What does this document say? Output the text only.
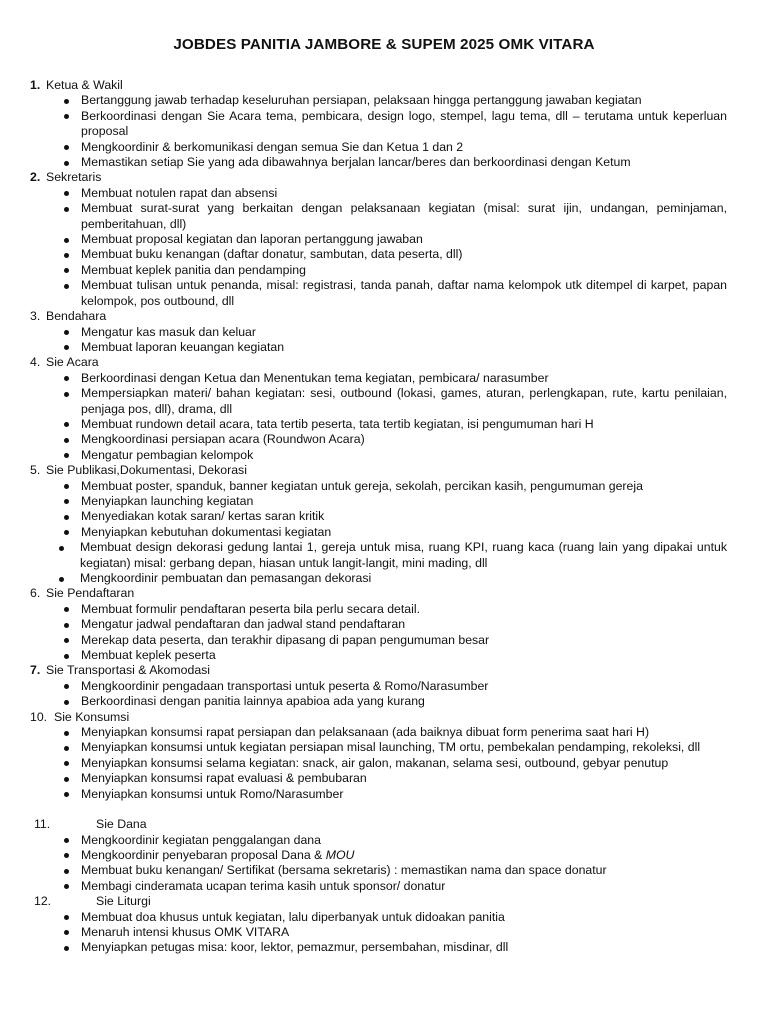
JOBDES PANITIA JAMBORE & SUPEM 2025 OMK VITARA
1. Ketua & Wakil
Bertanggung jawab terhadap keseluruhan persiapan, pelaksaan hingga pertanggung jawaban kegiatan
Berkoordinasi dengan Sie Acara tema, pembicara, design logo, stempel, lagu tema, dll – terutama untuk keperluan proposal
Mengkoordinir & berkomunikasi dengan semua Sie dan Ketua 1 dan 2
Memastikan setiap Sie yang ada dibawahnya berjalan lancar/beres dan berkoordinasi dengan Ketum
2. Sekretaris
Membuat notulen rapat dan absensi
Membuat surat-surat yang berkaitan dengan pelaksanaan kegiatan (misal: surat ijin, undangan, peminjaman, pemberitahuan, dll)
Membuat proposal kegiatan dan laporan pertanggung jawaban
Membuat buku kenangan (daftar donatur, sambutan, data peserta, dll)
Membuat keplek panitia dan pendamping
Membuat tulisan untuk penanda, misal: registrasi, tanda panah, daftar nama kelompok utk ditempel di karpet, papan kelompok, pos outbound, dll
3. Bendahara
Mengatur kas masuk dan keluar
Membuat laporan keuangan kegiatan
4. Sie Acara
Berkoordinasi dengan Ketua dan Menentukan tema kegiatan, pembicara/ narasumber
Mempersiapkan materi/ bahan kegiatan: sesi, outbound (lokasi, games, aturan, perlengkapan, rute, kartu penilaian, penjaga pos, dll), drama, dll
Membuat rundown detail acara, tata tertib peserta, tata tertib kegiatan, isi pengumuman hari H
Mengkoordinasi persiapan acara (Roundwon Acara)
Mengatur pembagian kelompok
5. Sie Publikasi,Dokumentasi, Dekorasi
Membuat poster, spanduk, banner kegiatan untuk gereja, sekolah, percikan kasih, pengumuman gereja
Menyiapkan launching kegiatan
Menyediakan kotak saran/ kertas saran kritik
Menyiapkan kebutuhan dokumentasi kegiatan
Membuat design dekorasi gedung lantai 1, gereja untuk misa, ruang KPI, ruang kaca (ruang lain yang dipakai untuk kegiatan) misal: gerbang depan, hiasan untuk langit-langit, mini mading, dll
Mengkoordinir pembuatan dan pemasangan dekorasi
6. Sie Pendaftaran
Membuat formulir pendaftaran peserta bila perlu secara detail.
Mengatur jadwal pendaftaran dan jadwal stand pendaftaran
Merekap data peserta, dan terakhir dipasang di papan pengumuman besar
Membuat keplek peserta
7. Sie Transportasi & Akomodasi
Mengkoordinir pengadaan transportasi untuk peserta & Romo/Narasumber
Berkoordinasi dengan panitia lainnya apabioa ada yang kurang
10. Sie Konsumsi
Menyiapkan konsumsi rapat persiapan dan pelaksanaan (ada baiknya dibuat form penerima saat hari H)
Menyiapkan konsumsi untuk kegiatan persiapan misal launching, TM ortu, pembekalan pendamping, rekoleksi, dll
Menyiapkan konsumsi selama kegiatan: snack, air galon, makanan, selama sesi, outbound, gebyar penutup
Menyiapkan konsumsi rapat evaluasi & pembubaran
Menyiapkan konsumsi untuk Romo/Narasumber
11.	Sie Dana
Mengkoordinir kegiatan penggalangan dana
Mengkoordinir penyebaran proposal Dana & MOU
Membuat buku kenangan/ Sertifikat (bersama sekretaris) : memastikan nama dan space donatur
Membagi cinderamata ucapan terima kasih untuk sponsor/ donatur
12.	Sie Liturgi
Membuat doa khusus untuk kegiatan, lalu diperbanyak untuk didoakan panitia
Menaruh intensi khusus OMK VITARA
Menyiapkan petugas misa: koor, lektor, pemazmur, persembahan, misdinar, dll
